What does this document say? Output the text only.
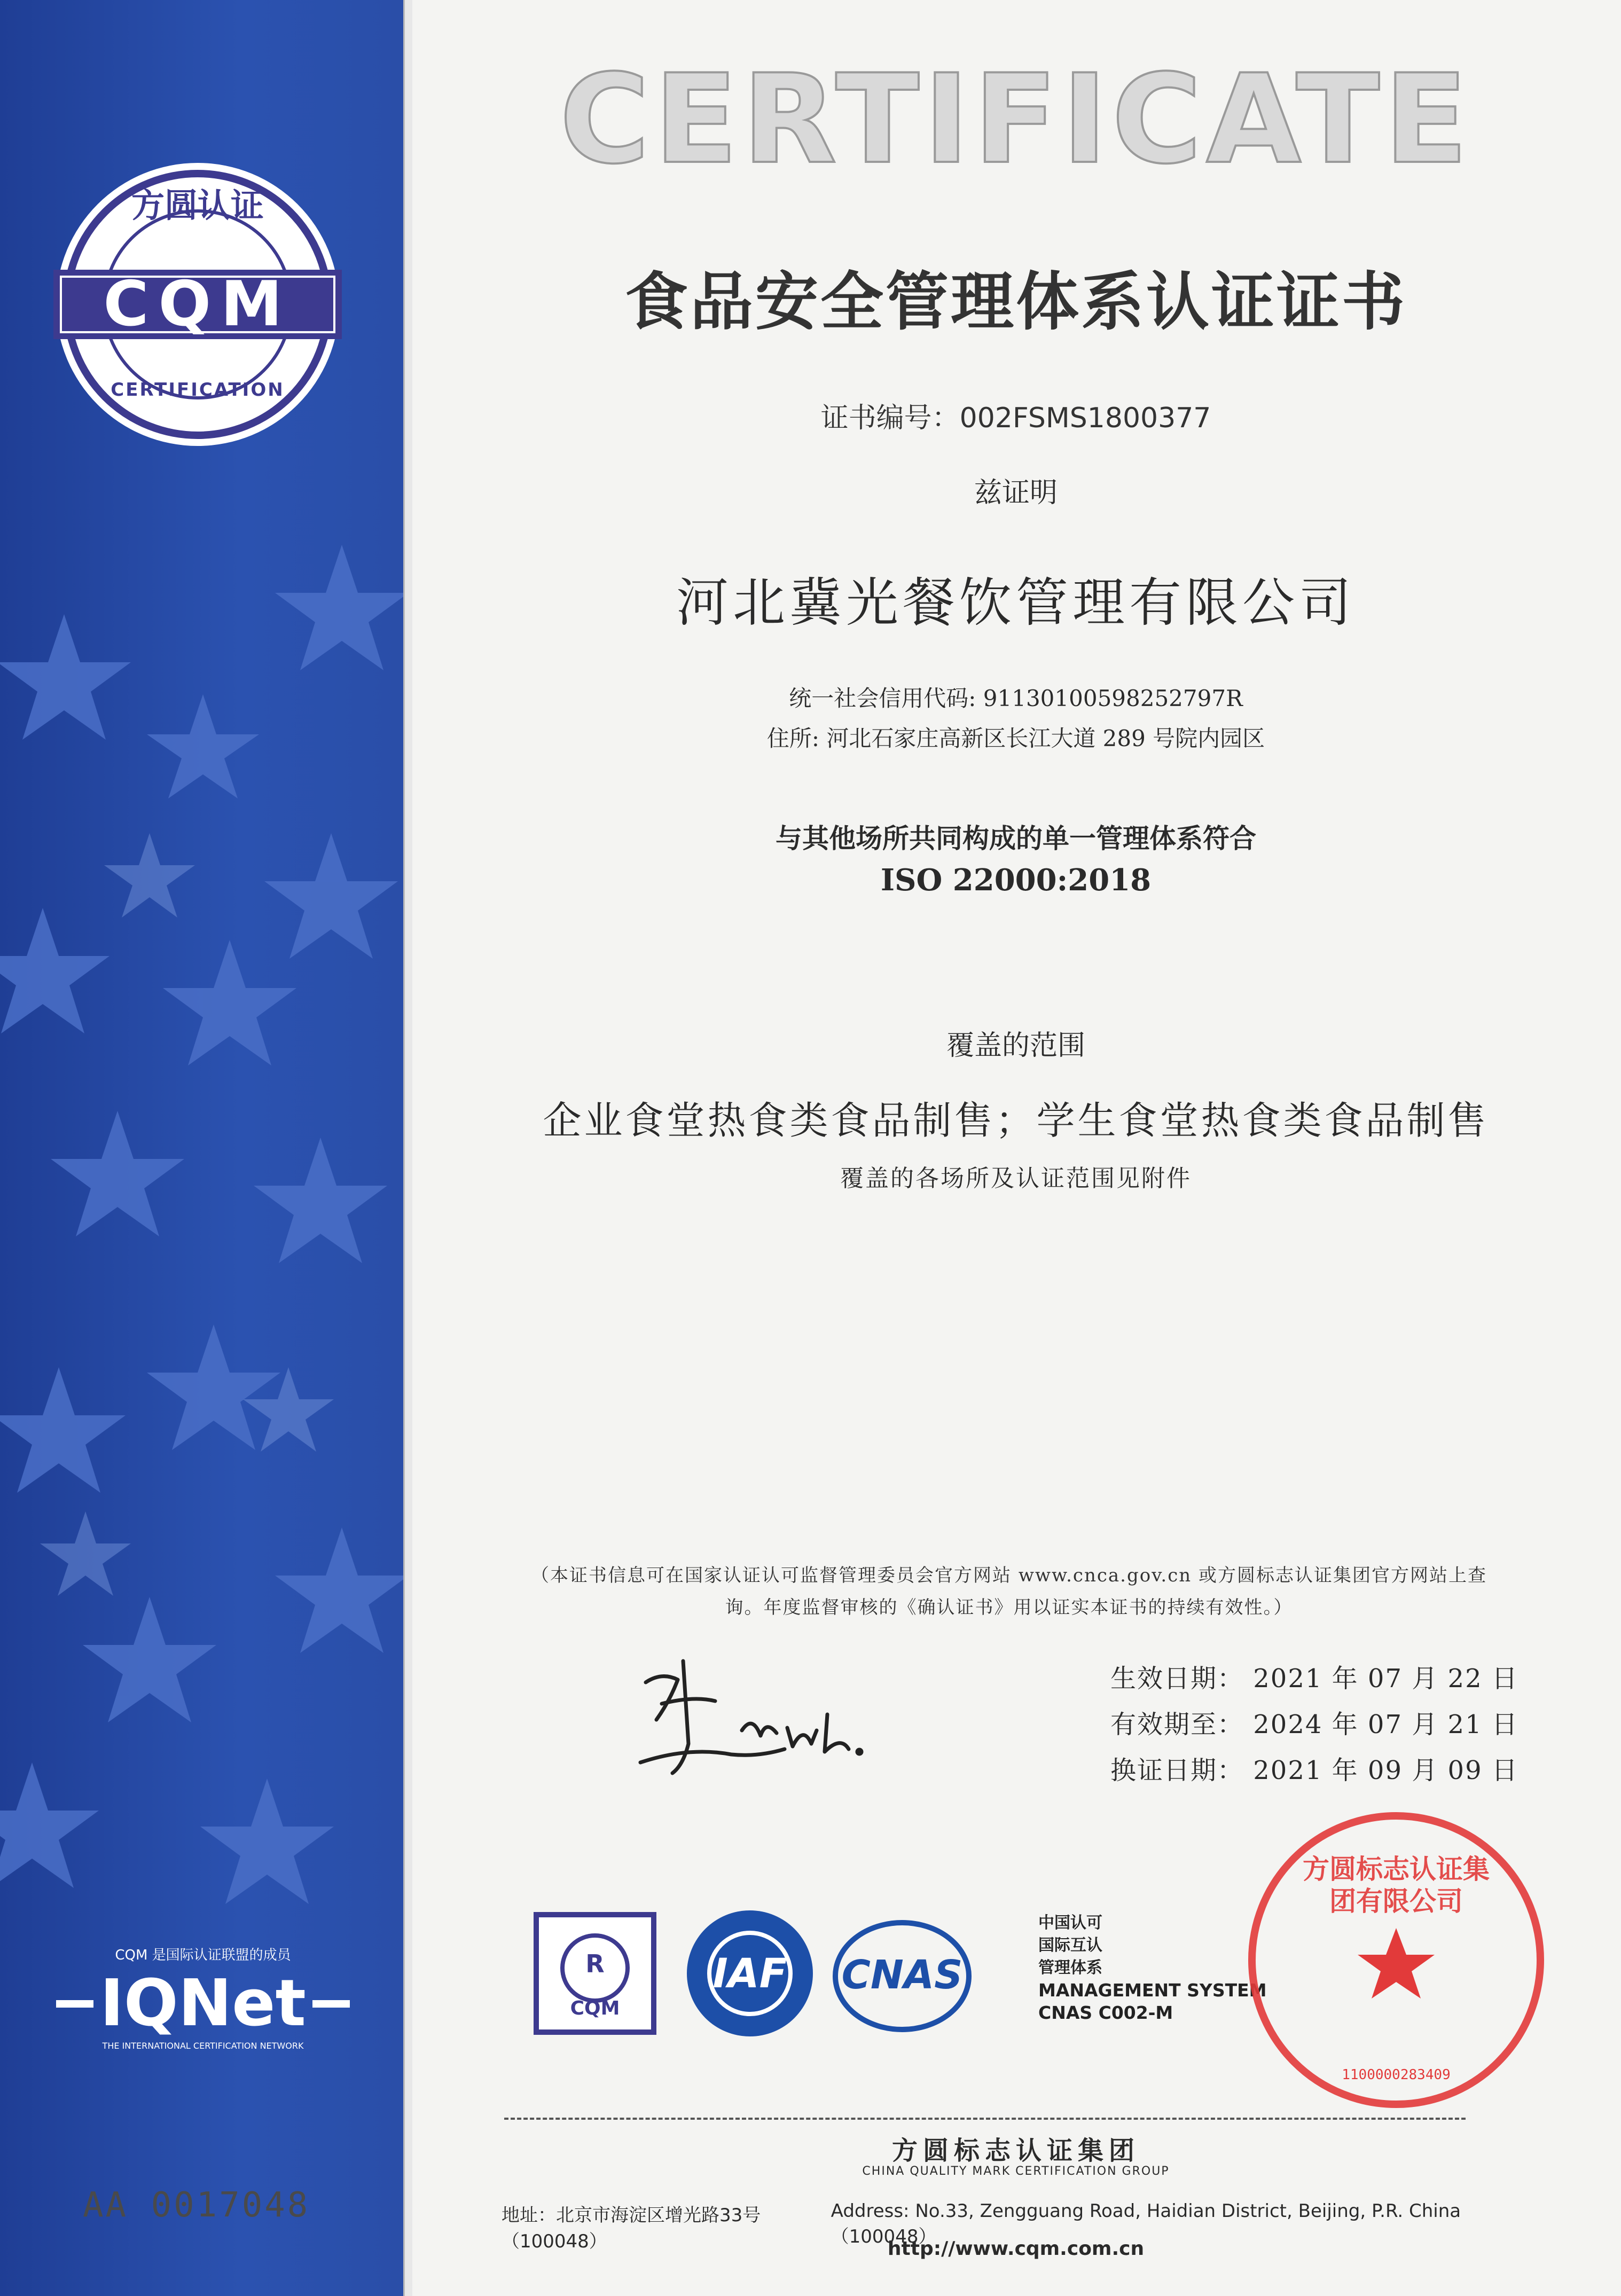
方圆认证
CQM
CERTIFICATION
CQM 是国际认证联盟的成员
IQNet
THE INTERNATIONAL CERTIFICATION NETWORK
AA 0017048
CERTIFICATE
食品安全管理体系认证证书
证书编号：002FSMS1800377
兹证明
河北冀光餐饮管理有限公司
统一社会信用代码: 91130100598252797R
住所: 河北石家庄高新区长江大道 289 号院内园区
与其他场所共同构成的单一管理体系符合
ISO 22000:2018
覆盖的范围
企业食堂热食类食品制售；学生食堂热食类食品制售
覆盖的各场所及认证范围见附件
（本证书信息可在国家认证认可监督管理委员会官方网站 www.cnca.gov.cn 或方圆标志认证集团官方网站上查
询。年度监督审核的《确认证书》用以证实本证书的持续有效性。）
生效日期： 2021 年 07 月 22 日
有效期至： 2024 年 07 月 21 日
换证日期： 2021 年 09 月 09 日
R
CQM
IAF	CNAS
中国认可
国际互认
管理体系
MANAGEMENT SYSTEM
CNAS C002-M
方圆标志认证集团有限公司
1100000283409
方圆标志认证集团
CHINA QUALITY MARK CERTIFICATION GROUP
地址：北京市海淀区增光路33号（100048）
Address: No.33, Zengguang Road, Haidian District, Beijing, P.R. China（100048）
http://www.cqm.com.cn
